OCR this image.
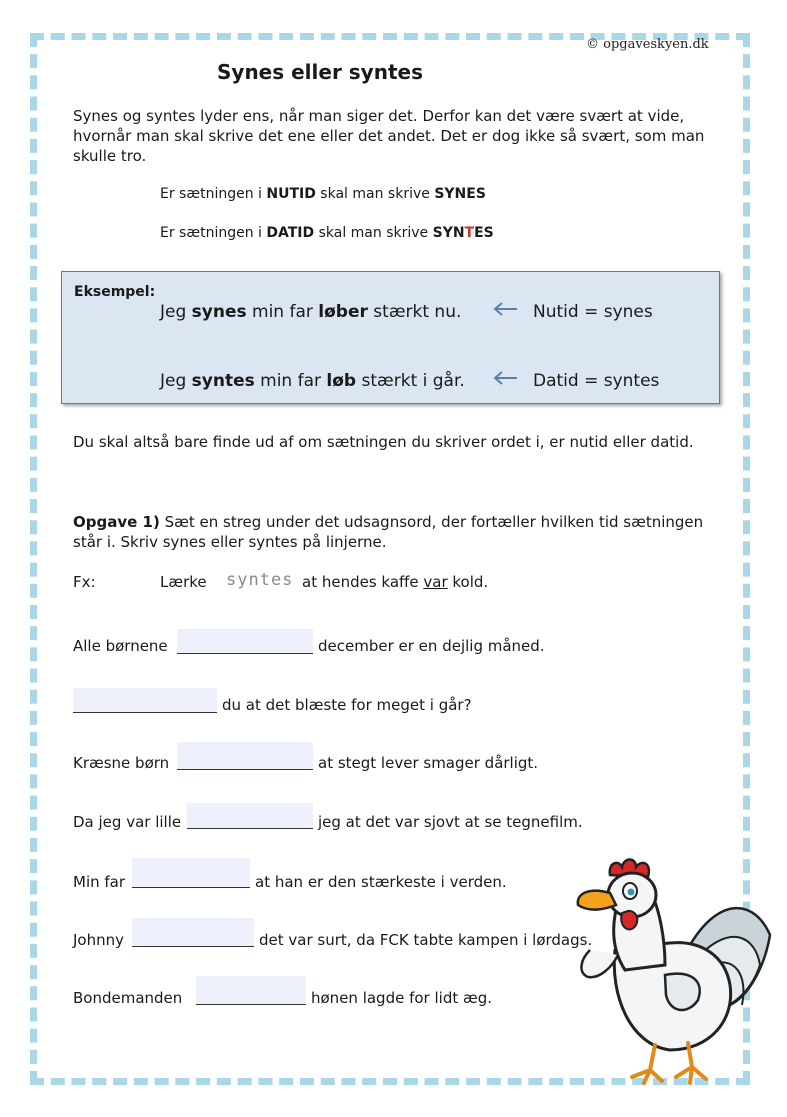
© opgaveskyen.dk
Synes eller syntes
Synes og syntes lyder ens, når man siger det. Derfor kan det være svært at vide, hvornår man skal skrive det ene eller det andet. Det er dog ikke så svært, som man skulle tro.
Er sætningen i NUTID skal man skrive SYNES
Er sætningen i DATID skal man skrive SYNTES
Eksempel:
Jeg synes min far løber stærkt nu.	Nutid = synes
Jeg syntes min far løb stærkt i går.	Datid = syntes
Du skal altså bare finde ud af om sætningen du skriver ordet i, er nutid eller datid.
Opgave 1) Sæt en streg under det udsagnsord, der fortæller hvilken tid sætningen står i. Skriv synes eller syntes på linjerne.
Fx:	Lærke syntes at hendes kaffe var kold.
Alle børnene	december er en dejlig måned.
du at det blæste for meget i går?
Kræsne børn	at stegt lever smager dårligt.
Da jeg var lille	jeg at det var sjovt at se tegnefilm.
Min far	at han er den stærkeste i verden.
Johnny	det var surt, da FCK tabte kampen i lørdags.
Bondemanden	hønen lagde for lidt æg.
